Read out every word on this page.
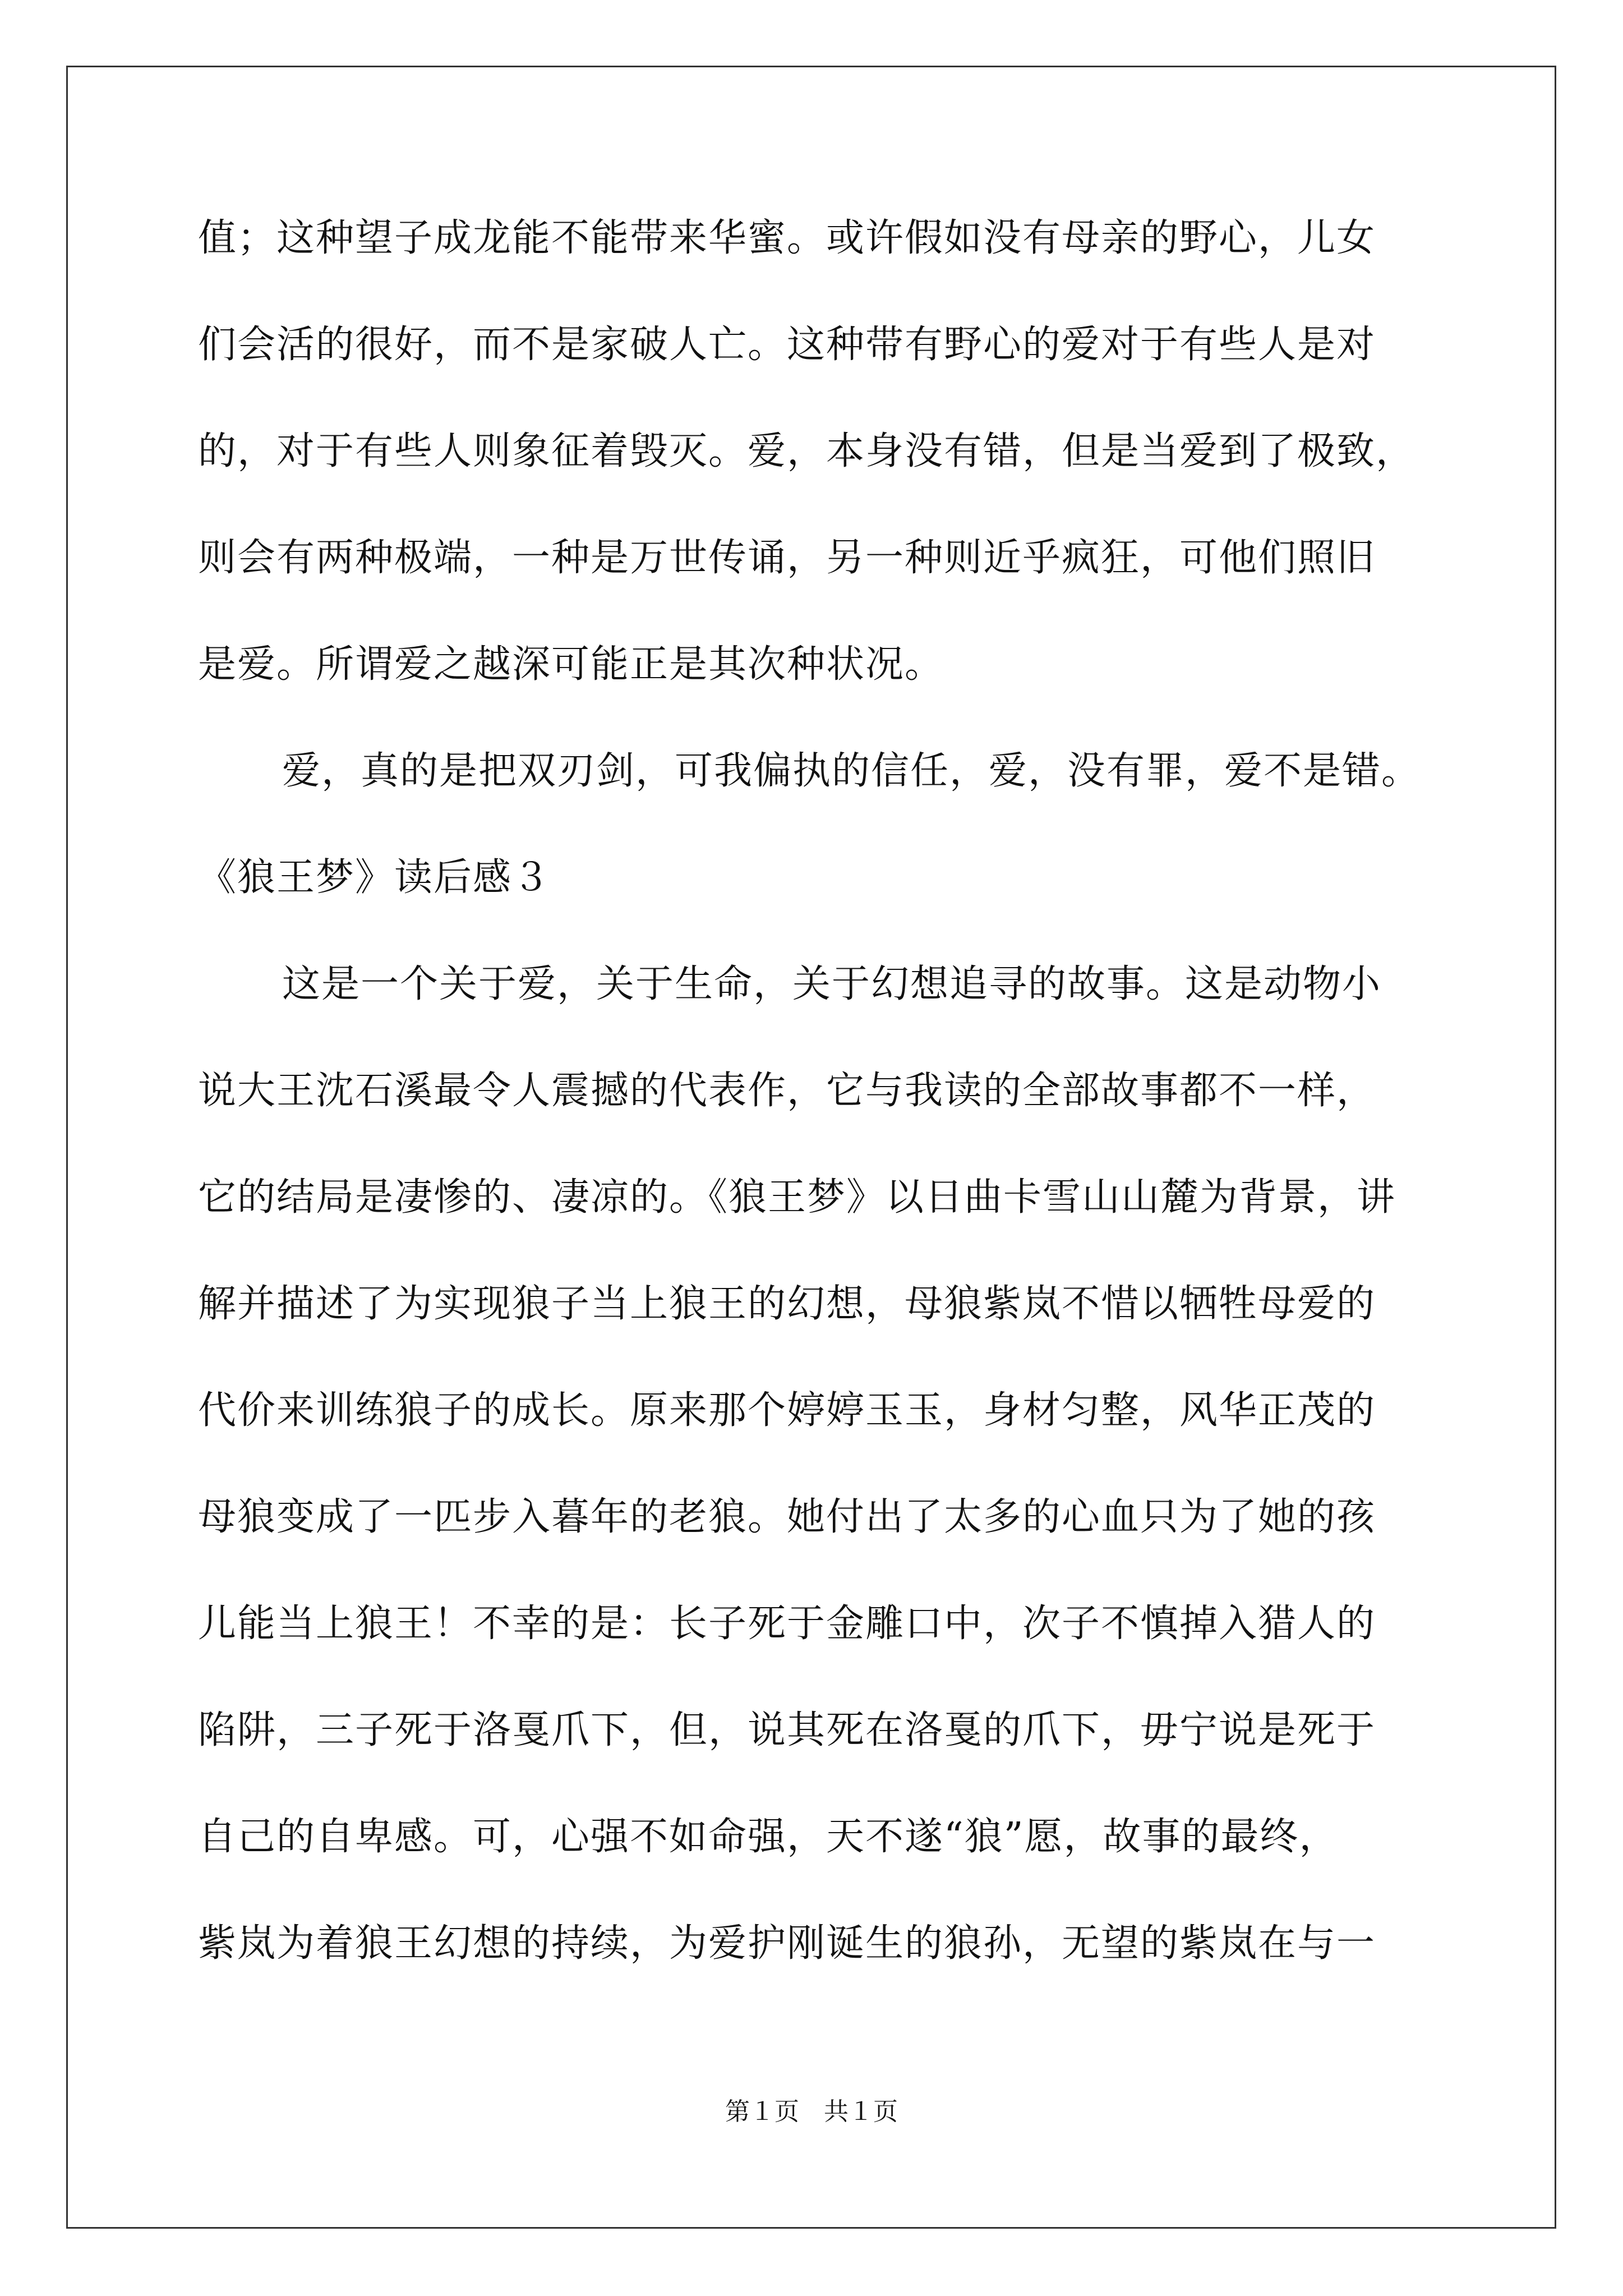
值；这种望子成龙能不能带来华蜜。或许假如没有母亲的野心，儿女
们会活的很好，而不是家破人亡。这种带有野心的爱对于有些人是对
的，对于有些人则象征着毁灭。爱，本身没有错，但是当爱到了极致，
则会有两种极端，一种是万世传诵，另一种则近乎疯狂，可他们照旧
是爱。所谓爱之越深可能正是其次种状况。
爱，真的是把双刃剑，可我偏执的信任，爱，没有罪，爱不是错。
《狼王梦》读后感３
这是一个关于爱，关于生命，关于幻想追寻的故事。这是动物小
说大王沈石溪最令人震撼的代表作，它与我读的全部故事都不一样，
它的结局是凄惨的、凄凉的。《狼王梦》以日曲卡雪山山麓为背景，讲
解并描述了为实现狼子当上狼王的幻想，母狼紫岚不惜以牺牲母爱的
代价来训练狼子的成长。原来那个婷婷玉玉，身材匀整，风华正茂的
母狼变成了一匹步入暮年的老狼。她付出了太多的心血只为了她的孩
儿能当上狼王！不幸的是：长子死于金雕口中，次子不慎掉入猎人的
陷阱，三子死于洛戛爪下，但，说其死在洛戛的爪下，毋宁说是死于
自己的自卑感。可，心强不如命强，天不遂“狼”愿，故事的最终，
紫岚为着狼王幻想的持续，为爱护刚诞生的狼孙，无望的紫岚在与一
第１页　共１页
